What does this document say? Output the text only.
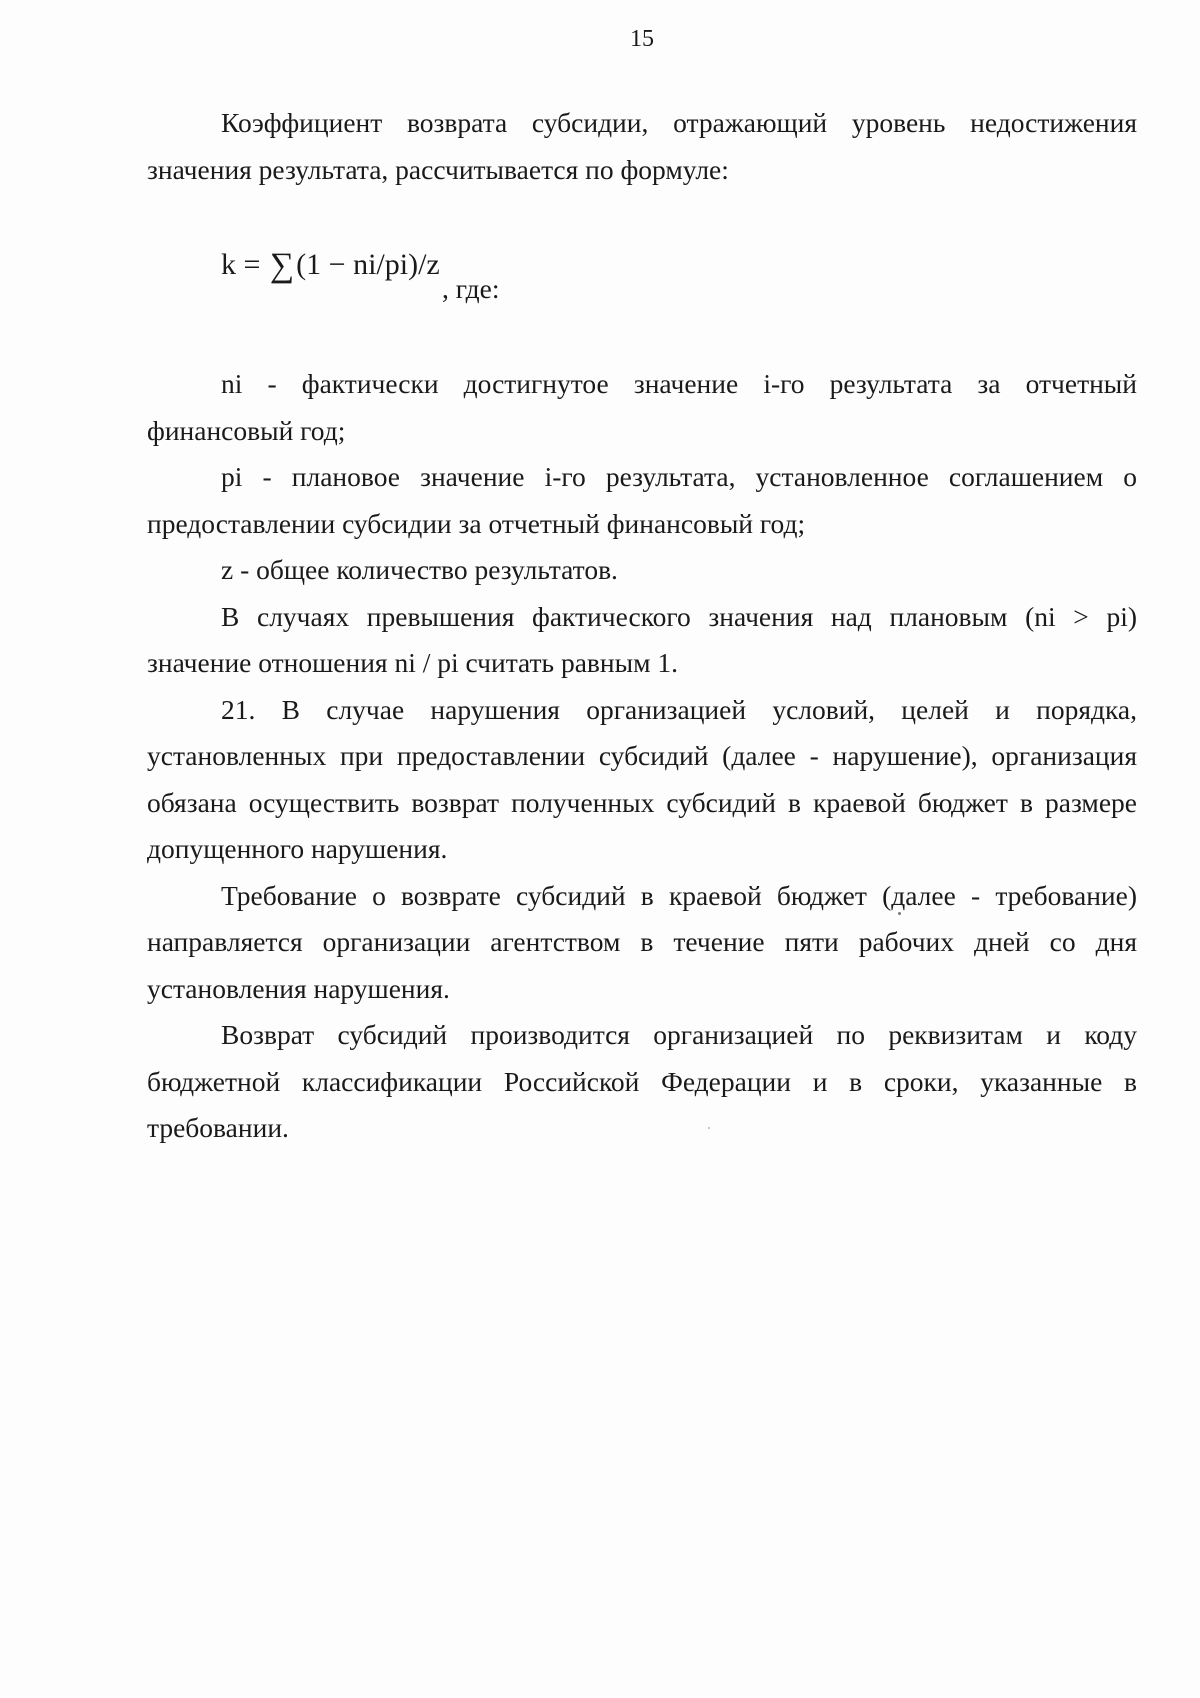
15

Коэффициент возврата субсидии, отражающий уровень недостижения значения результата, рассчитывается по формуле:

k = ∑(1 − ni/pi)/z
, где:

ni - фактически достигнутое значение i-го результата за отчетный финансовый год;

pi - плановое значение i-го результата, установленное соглашением о предоставлении субсидии за отчетный финансовый год;

z - общее количество результатов.

В случаях превышения фактического значения над плановым (ni > pi) значение отношения ni / pi считать равным 1.

21. В случае нарушения организацией условий, целей и порядка, установленных при предоставлении субсидий (далее - нарушение), организация обязана осуществить возврат полученных субсидий в краевой бюджет в размере допущенного нарушения.

Требование о возврате субсидий в краевой бюджет (далее - требование) направляется организации агентством в течение пяти рабочих дней со дня установления нарушения.

Возврат субсидий производится организацией по реквизитам и коду бюджетной классификации Российской Федерации и в сроки, указанные в требовании.
